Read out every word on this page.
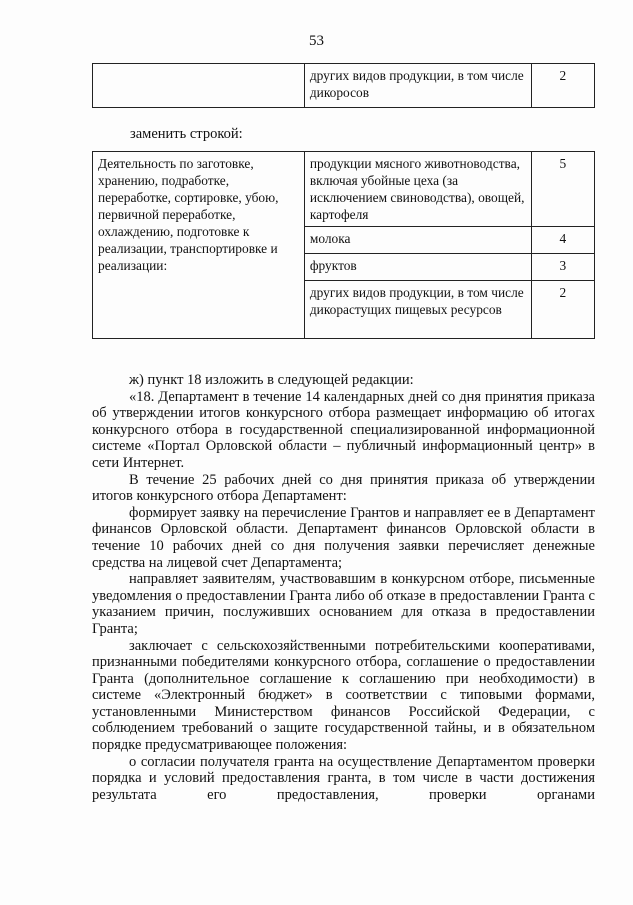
53
	других видов продукции, в том числе дикоросов	2
заменить строкой:
Деятельность по заготовке, хранению, подработке, переработке, сортировке, убою, первичной переработке, охлаждению, подготовке к реализации, транспортировке и реализации:	продукции мясного животноводства, включая убойные цеха (за исключением свиноводства), овощей, картофеля	5
	молока	4
	фруктов	3
	других видов продукции, в том числе дикорастущих пищевых ресурсов	2

ж) пункт 18 изложить в следующей редакции:

«18. Департамент в течение 14 календарных дней со дня принятия приказа об утверждении итогов конкурсного отбора размещает информацию об итогах конкурсного отбора в государственной специализированной информационной системе «Портал Орловской области – публичный информационный центр» в сети Интернет.

В течение 25 рабочих дней со дня принятия приказа об утверждении итогов конкурсного отбора Департамент:

формирует заявку на перечисление Грантов и направляет ее в Департамент финансов Орловской области. Департамент финансов Орловской области в течение 10 рабочих дней со дня получения заявки перечисляет денежные средства на лицевой счет Департамента;

направляет заявителям, участвовавшим в конкурсном отборе, письменные уведомления о предоставлении Гранта либо об отказе в предоставлении Гранта с указанием причин, послуживших основанием для отказа в предоставлении Гранта;

заключает с сельскохозяйственными потребительскими кооперативами, признанными победителями конкурсного отбора, соглашение о предоставлении Гранта (дополнительное соглашение к соглашению при необходимости) в системе «Электронный бюджет» в соответствии с типовыми формами, установленными Министерством финансов Российской Федерации, с соблюдением требований о защите государственной тайны, и в обязательном порядке предусматривающее положения:

о согласии получателя гранта на осуществление Департаментом проверки порядка и условий предоставления гранта, в том числе в части достижения результата его предоставления, проверки органами
